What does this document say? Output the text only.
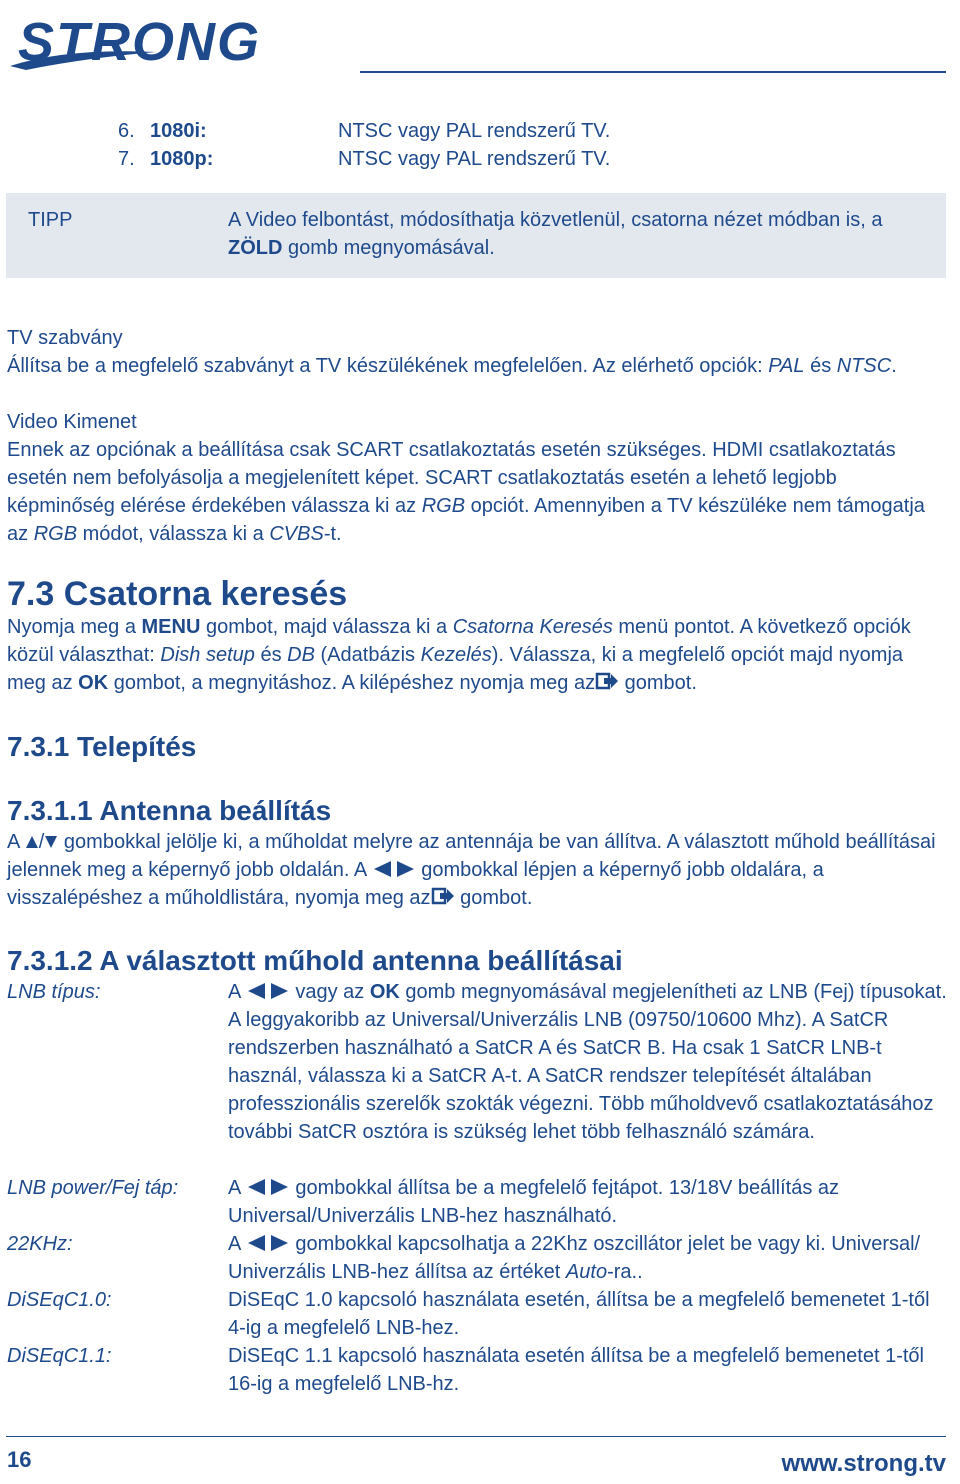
STRONG
6. 1080i:	NTSC vagy PAL rendszerű TV.
7. 1080p:	NTSC vagy PAL rendszerű TV.
TIPP	A Video felbontást, módosíthatja közvetlenül, csatorna nézet módban is, a
ZÖLD gomb megnyomásával.
TV szabvány
Állítsa be a megfelelő szabványt a TV készülékének megfelelően. Az elérhető opciók: PAL és NTSC.
Video Kimenet
Ennek az opciónak a beállítása csak SCART csatlakoztatás esetén szükséges. HDMI csatlakoztatás esetén nem befolyásolja a megjelenített képet. SCART csatlakoztatás esetén a lehető legjobb képminőség elérése érdekében válassza ki az RGB opciót. Amennyiben a TV készüléke nem támogatja az RGB módot, válassza ki a CVBS-t.
7.3 Csatorna keresés
Nyomja meg a MENU gombot, majd válassza ki a Csatorna Keresés menü pontot. A következő opciók közül választhat: Dish setup és DB (Adatbázis Kezelés). Válassza, ki a megfelelő opciót majd nyomja meg az OK gombot, a megnyitáshoz. A kilépéshez nyomja meg az gombot.
7.3.1 Telepítés
7.3.1.1 Antenna beállítás
A / gombokkal jelölje ki, a műholdat melyre az antennája be van állítva. A választott műhold beállításai jelennek meg a képernyő jobb oldalán. A  gombokkal lépjen a képernyő jobb oldalára, a visszalépéshez a műholdlistára, nyomja meg az gombot.
7.3.1.2 A választott műhold antenna beállításai
LNB típus:	A  vagy az OK gomb megnyomásával megjelenítheti az LNB (Fej) típusokat. A leggyakoribb az Universal/Univerzális LNB (09750/10600 Mhz). A SatCR rendszerben használható a SatCR A és SatCR B. Ha csak 1 SatCR LNB-t használ, válassza ki a SatCR A-t. A SatCR rendszer telepítését általában professzionális szerelők szokták végezni. Több műholdvevő csatlakoztatásához további SatCR osztóra is szükség lehet több felhasználó számára.
LNB power/Fej táp: A  gombokkal állítsa be a megfelelő fejtápot. 13/18V beállítás az Universal/Univerzális LNB-hez használható.
22KHz:	A  gombokkal kapcsolhatja a 22Khz oszcillátor jelet be vagy ki. Universal/ Univerzális LNB-hez állítsa az értéket Auto-ra..
DiSEqC1.0:	DiSEqC 1.0 kapcsoló használata esetén, állítsa be a megfelelő bemenetet 1-től 4-ig a megfelelő LNB-hez.
DiSEqC1.1:	DiSEqC 1.1 kapcsoló használata esetén állítsa be a megfelelő bemenetet 1-től 16-ig a megfelelő LNB-hz.
16	www.strong.tv
